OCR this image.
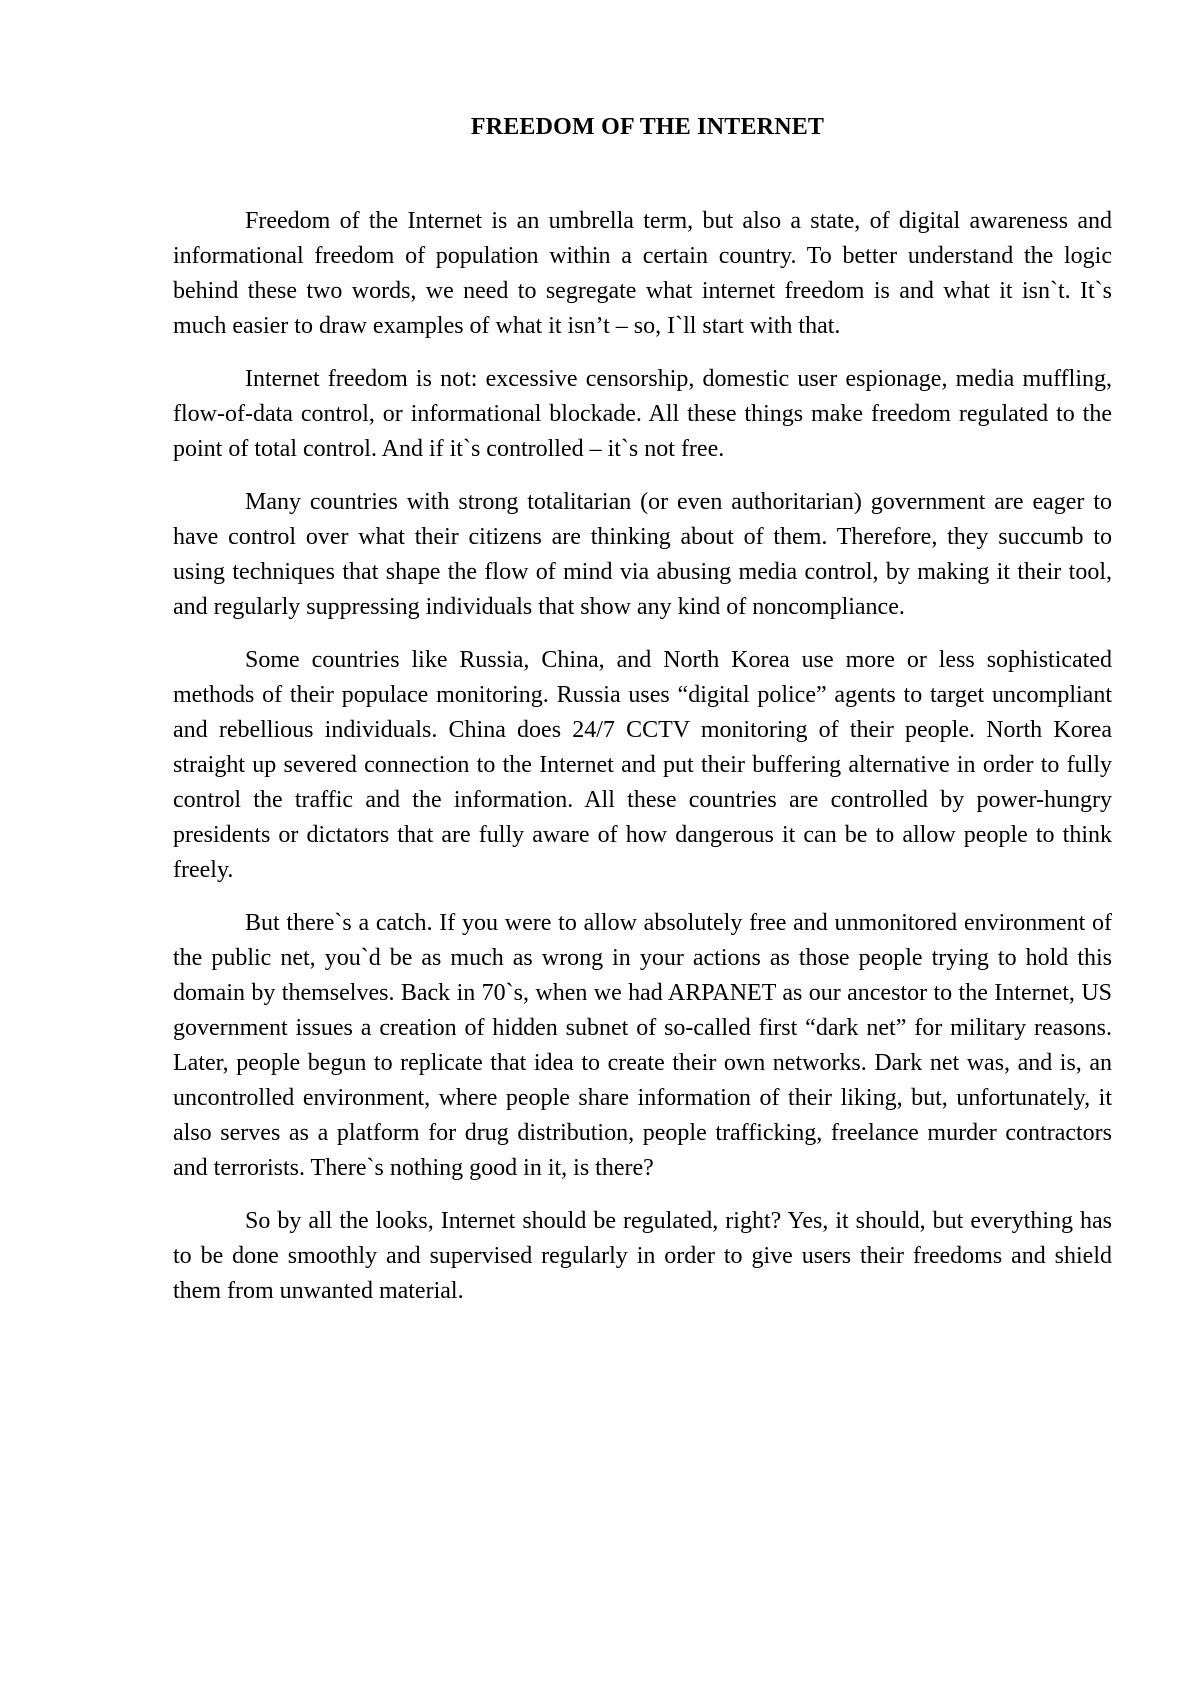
FREEDOM OF THE INTERNET

Freedom of the Internet is an umbrella term, but also a state, of digital awareness and informational freedom of population within a certain country. To better understand the logic behind these two words, we need to segregate what internet freedom is and what it isn`t. It`s much easier to draw examples of what it isn’t – so, I`ll start with that.

Internet freedom is not: excessive censorship, domestic user espionage, media muffling, flow-of-data control, or informational blockade. All these things make freedom regulated to the point of total control. And if it`s controlled – it`s not free.

Many countries with strong totalitarian (or even authoritarian) government are eager to have control over what their citizens are thinking about of them. Therefore, they succumb to using techniques that shape the flow of mind via abusing media control, by making it their tool, and regularly suppressing individuals that show any kind of noncompliance.

Some countries like Russia, China, and North Korea use more or less sophisticated methods of their populace monitoring. Russia uses “digital police” agents to target uncompliant and rebellious individuals. China does 24/7 CCTV monitoring of their people. North Korea straight up severed connection to the Internet and put their buffering alternative in order to fully control the traffic and the information. All these countries are controlled by power-hungry presidents or dictators that are fully aware of how dangerous it can be to allow people to think freely.

But there`s a catch. If you were to allow absolutely free and unmonitored environment of the public net, you`d be as much as wrong in your actions as those people trying to hold this domain by themselves. Back in 70`s, when we had ARPANET as our ancestor to the Internet, US government issues a creation of hidden subnet of so-called first “dark net” for military reasons. Later, people begun to replicate that idea to create their own networks. Dark net was, and is, an uncontrolled environment, where people share information of their liking, but, unfortunately, it also serves as a platform for drug distribution, people trafficking, freelance murder contractors and terrorists. There`s nothing good in it, is there?

So by all the looks, Internet should be regulated, right? Yes, it should, but everything has to be done smoothly and supervised regularly in order to give users their freedoms and shield them from unwanted material.
